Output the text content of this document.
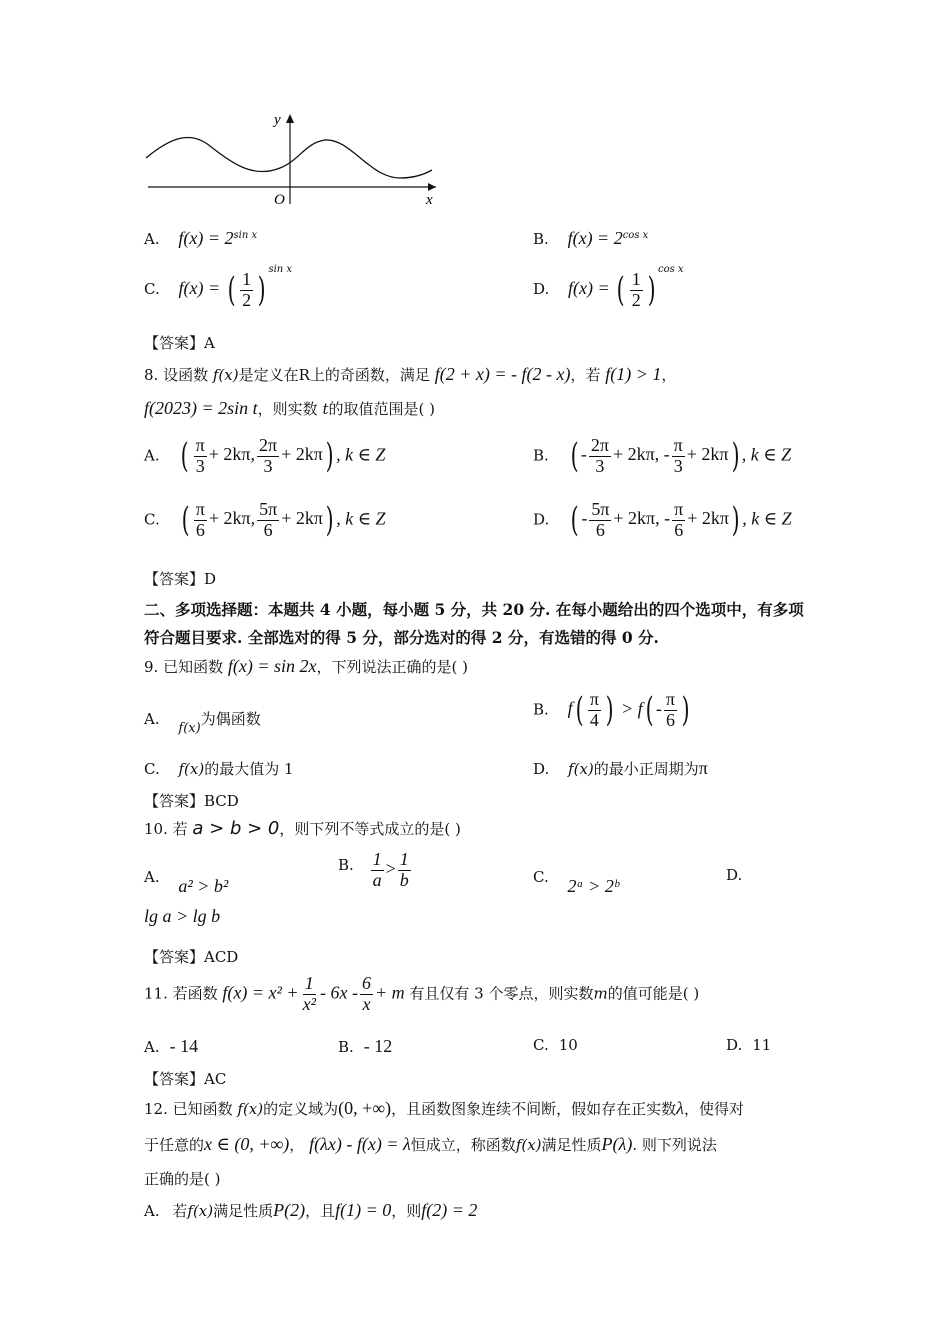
y
x
O
A. $f(x) = 2^{sin x}$	B. $f(x) = 2^{cos x}$
C. f(x) = ( $\frac{1}{2} )^{sin x}$
D. f(x) = ( $\frac{1}{2} )^{cos x}$
【答案】A
8. 设函数 f(x)是定义在R上的奇函数，满足 f(2 + x) = - f(2 - x)，若 f(1) > 1，
f(2023) = 2sin t，则实数 t的取值范围是( )
A. ( $\frac{\pi}{3} + 2k\pi$, $\frac{2\pi}{3} + 2k\pi$) , k ∈ Z	B. ( - $\frac{2\pi}{3} + 2k\pi$, - $\frac{\pi}{3} + 2k\pi$) , k ∈ Z
C. ( $\frac{\pi}{6} + 2k\pi$, $\frac{5\pi}{6} + 2k\pi$) , k ∈ Z	D. ( - $\frac{5\pi}{6} + 2k\pi$, - $\frac{\pi}{6} + 2k\pi$) , k ∈ Z
【答案】D
二、多项选择题：本题共 4 小题，每小题 5 分，共 20 分. 在每小题给出的四个选项中，有多项
符合题目要求. 全部选对的得 5 分，部分选对的得 2 分，有选错的得 0 分.
9. 已知函数 f(x) = sin 2x，下列说法正确的是( )
A. f(x)为偶函数
B. $f( \frac{\pi}{4}$ ) > $f( - \frac{\pi}{6}$ )
C. f(x)的最大值为 1	D. f(x)的最小正周期为π
【答案】BCD
10. 若 a > b > 0，则下列不等式成立的是( )
A. a² > b²
B. $\frac{1}{a} > \frac{1}{b}$	C. 2ᵃ > 2ᵇ
D.
lg a > lg b
【答案】ACD
11. 若函数 $f(x) = x^2 + \frac{1}{\text{x²}} - 6x - \frac{6}{x} + m$ 有且仅有 3 个零点，则实数m的值可能是( )
A. - 14	B. - 12	C. 10	D. 11
【答案】AC
12. 已知函数 f(x)的定义域为(0, +∞)，且函数图象连续不间断，假如存在正实数λ，使得对
于任意的x ∈ (0, +∞)， f(λx) - f(x) = λ恒成立，称函数f(x)满足性质P(λ). 则下列说法
正确的是( )
A. 若f(x)满足性质P(2)，且f(1) = 0，则f(2) = 2
